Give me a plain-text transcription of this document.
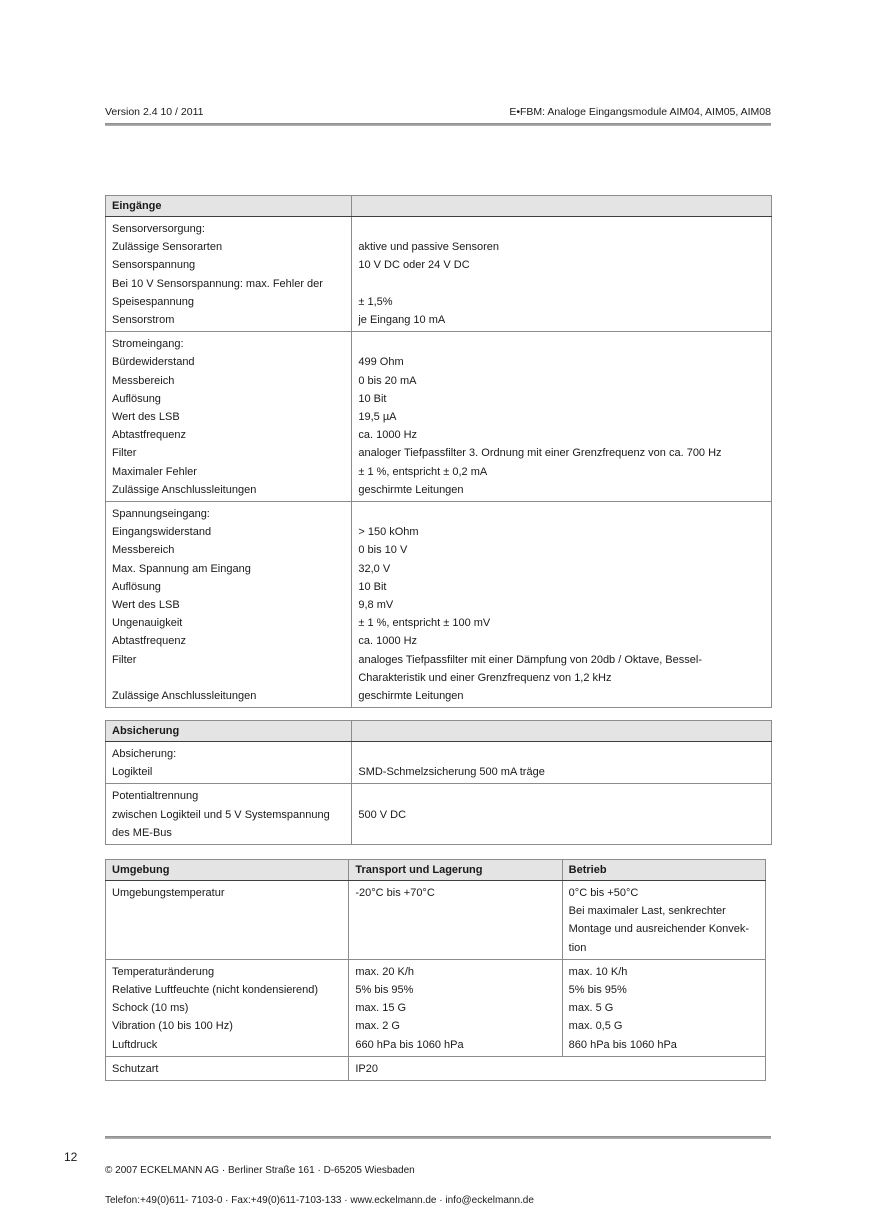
Version 2.4 10 / 2011	E•FBM: Analoge Eingangsmodule AIM04, AIM05, AIM08
Eingänge	
Sensorversorgung:	
Zulässige Sensorarten	aktive und passive Sensoren
Sensorspannung	10 V DC oder 24 V DC
Bei 10 V Sensorspannung: max. Fehler der	
Speisespannung	± 1,5%
Sensorstrom	je Eingang 10 mA
Stromeingang:	
Bürdewiderstand	499 Ohm
Messbereich	0 bis 20 mA
Auflösung	10 Bit
Wert des LSB	19,5 µA
Abtastfrequenz	ca. 1000 Hz
Filter	analoger Tiefpassfilter 3. Ordnung mit einer Grenzfrequenz von ca. 700 Hz
Maximaler Fehler	± 1 %, entspricht ± 0,2 mA
Zulässige Anschlussleitungen	geschirmte Leitungen
Spannungseingang:	
Eingangswiderstand	> 150 kOhm
Messbereich	0 bis 10 V
Max. Spannung am Eingang	32,0 V
Auflösung	10 Bit
Wert des LSB	9,8 mV
Ungenauigkeit	± 1 %, entspricht ± 100 mV
Abtastfrequenz	ca. 1000 Hz
Filter	analoges Tiefpassfilter mit einer Dämpfung von 20db / Oktave, Bessel-
	Charakteristik und einer Grenzfrequenz von 1,2 kHz
Zulässige Anschlussleitungen	geschirmte Leitungen
Absicherung	
Absicherung:	
Logikteil	SMD-Schmelzsicherung 500 mA träge
Potentialtrennung	
zwischen Logikteil und 5 V Systemspannung	500 V DC
des ME-Bus	
Umgebung	Transport und Lagerung	Betrieb
Umgebungstemperatur	-20°C bis +70°C	0°C bis +50°C
		Bei maximaler Last, senkrechter
		Montage und ausreichender Konvek-
		tion
Temperaturänderung	max. 20 K/h	max. 10 K/h
Relative Luftfeuchte (nicht kondensierend)	5% bis 95%	5% bis 95%
Schock (10 ms)	max. 15 G	max. 5 G
Vibration (10 bis 100 Hz)	max. 2 G	max. 0,5 G
Luftdruck	660 hPa bis 1060 hPa	860 hPa bis 1060 hPa
Schutzart	IP20	
12

© 2007 ECKELMANN AG · Berliner Straße 161 · D-65205 Wiesbaden

Telefon:+49(0)611- 7103-0 · Fax:+49(0)611-7103-133 · www.eckelmann.de · info@eckelmann.de
